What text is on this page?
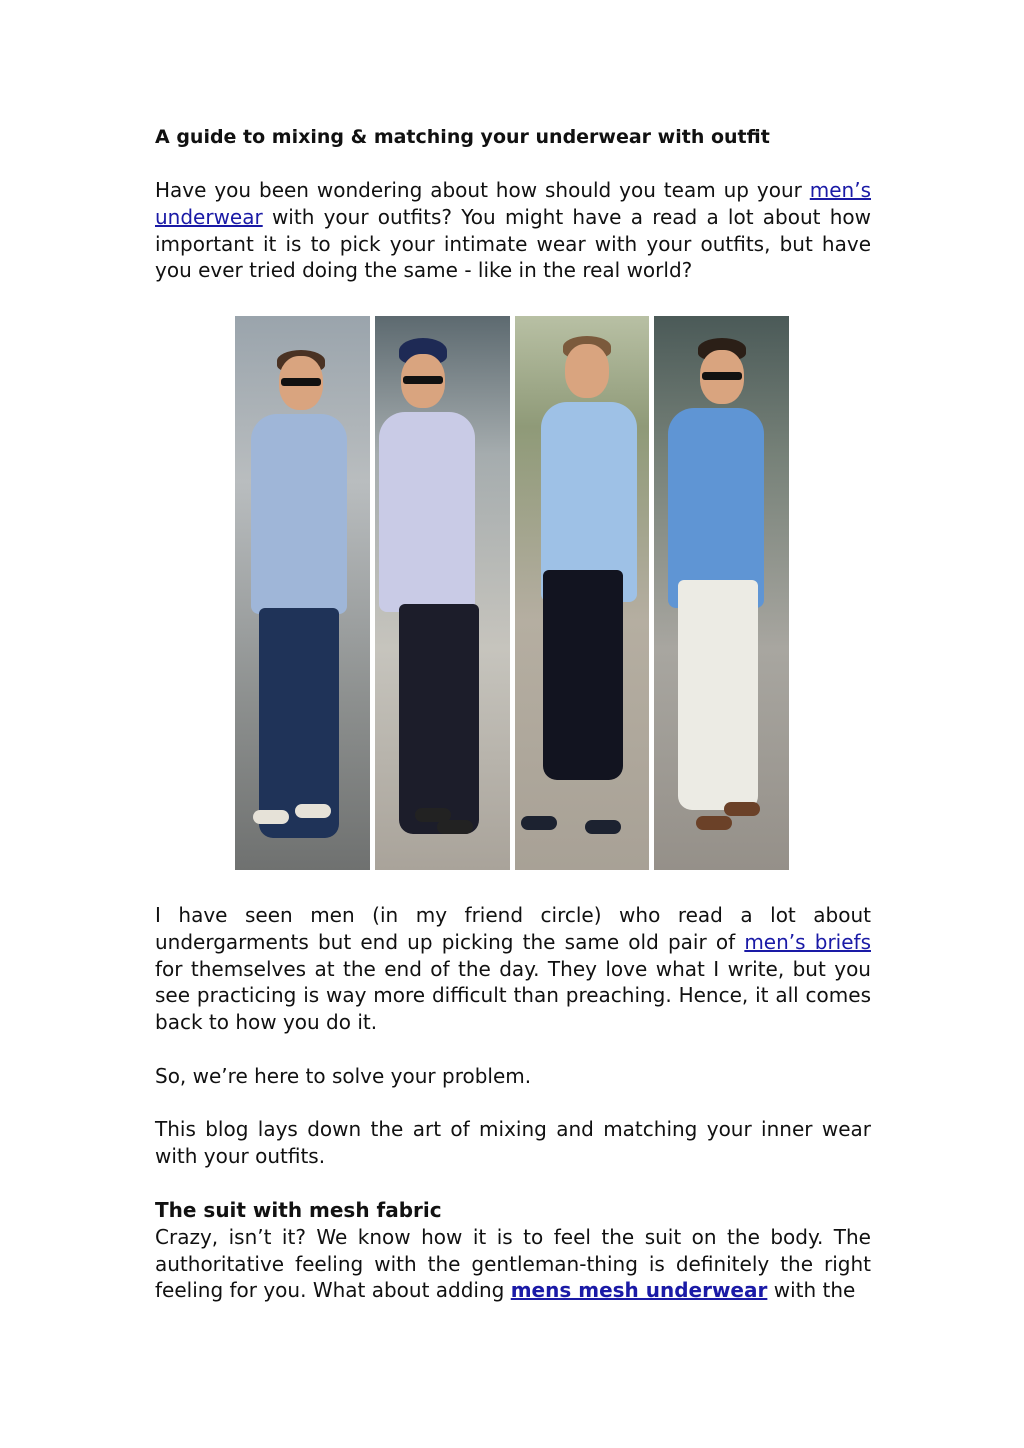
A guide to mixing & matching your underwear with outfit

Have you been wondering about how should you team up your men’s underwear with your outfits? You might have a read a lot about how important it is to pick your intimate wear with your outfits, but have you ever tried doing the same - like in the real world?

I have seen men (in my friend circle) who read a lot about undergarments but end up picking the same old pair of men’s briefs for themselves at the end of the day. They love what I write, but you see practicing is way more difficult than preaching. Hence, it all comes back to how you do it.

So, we’re here to solve your problem.

This blog lays down the art of mixing and matching your inner wear with your outfits.

The suit with mesh fabric

Crazy, isn’t it? We know how it is to feel the suit on the body. The authoritative feeling with the gentleman-thing is definitely the right feeling for you. What about adding mens mesh underwear with the
